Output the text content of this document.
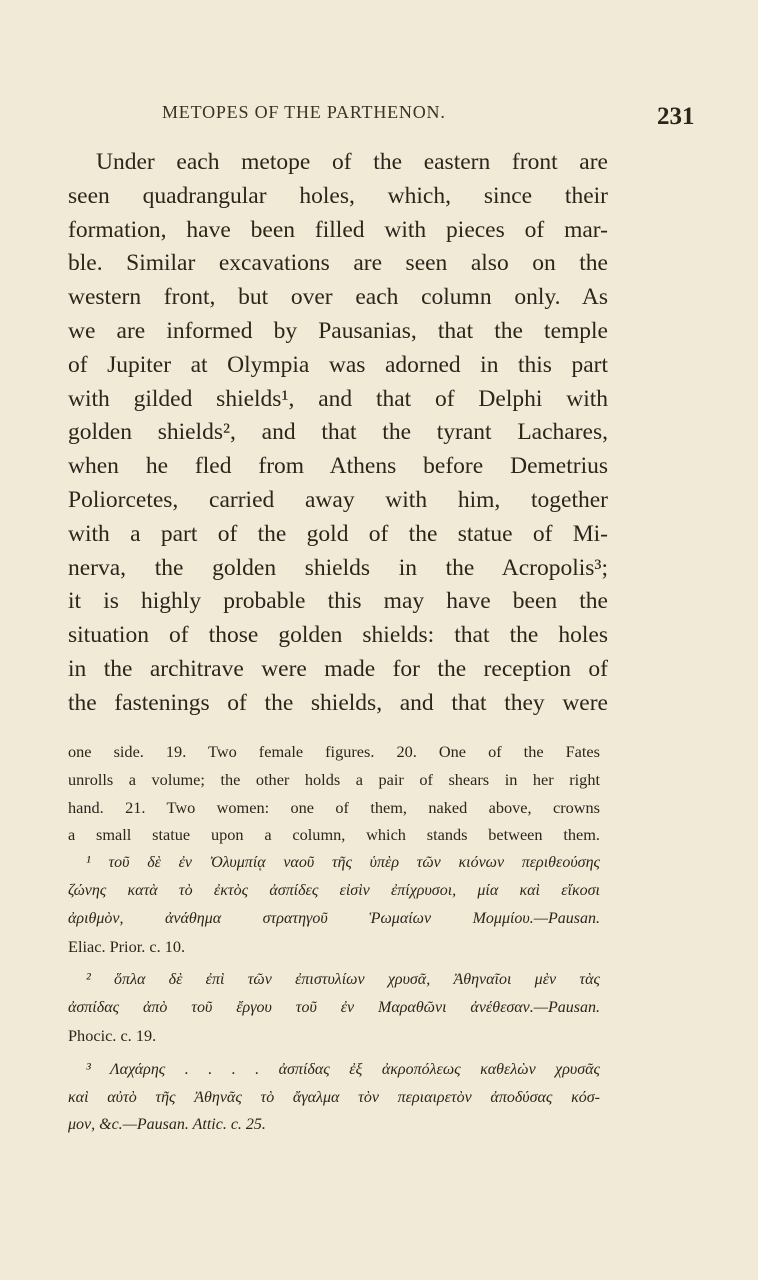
METOPES OF THE PARTHENON.	231
Under each metope of the eastern front are
seen quadrangular holes, which, since their
formation, have been filled with pieces of mar-
ble. Similar excavations are seen also on the
western front, but over each column only. As
we are informed by Pausanias, that the temple
of Jupiter at Olympia was adorned in this part
with gilded shields¹, and that of Delphi with
golden shields², and that the tyrant Lachares,
when he fled from Athens before Demetrius
Poliorcetes, carried away with him, together
with a part of the gold of the statue of Mi-
nerva, the golden shields in the Acropolis³;
it is highly probable this may have been the
situation of those golden shields: that the holes
in the architrave were made for the reception of
the fastenings of the shields, and that they were
one side. 19. Two female figures. 20. One of the Fates
unrolls a volume; the other holds a pair of shears in her right
hand. 21. Two women: one of them, naked above, crowns
a small statue upon a column, which stands between them.
¹ τοῦ δὲ ἐν Ὀλυμπίᾳ ναοῦ τῆς ὑπὲρ τῶν κιόνων περιθεούσης
ζώνης κατὰ τὸ ἐκτὸς ἀσπίδες εἰσὶν ἐπίχρυσοι, μία καὶ εἴκοσι
ἀριθμὸν, ἀνάθημα στρατηγοῦ Ῥωμαίων Μομμίου.—Pausan.
Eliac. Prior. c. 10.
² ὅπλα δὲ ἐπὶ τῶν ἐπιστυλίων χρυσᾶ, Ἀθηναῖοι μὲν τὰς
ἀσπίδας ἀπὸ τοῦ ἔργου τοῦ ἐν Μαραθῶνι ἀνέθεσαν.—Pausan.
Phocic. c. 19.
³ Λαχάρης . . . . ἀσπίδας ἐξ ἀκροπόλεως καθελὼν χρυσᾶς
καὶ αὐτὸ τῆς Ἀθηνᾶς τὸ ἄγαλμα τὸν περιαιρετὸν ἀποδύσας κόσ-
μον, &c.—Pausan. Attic. c. 25.
